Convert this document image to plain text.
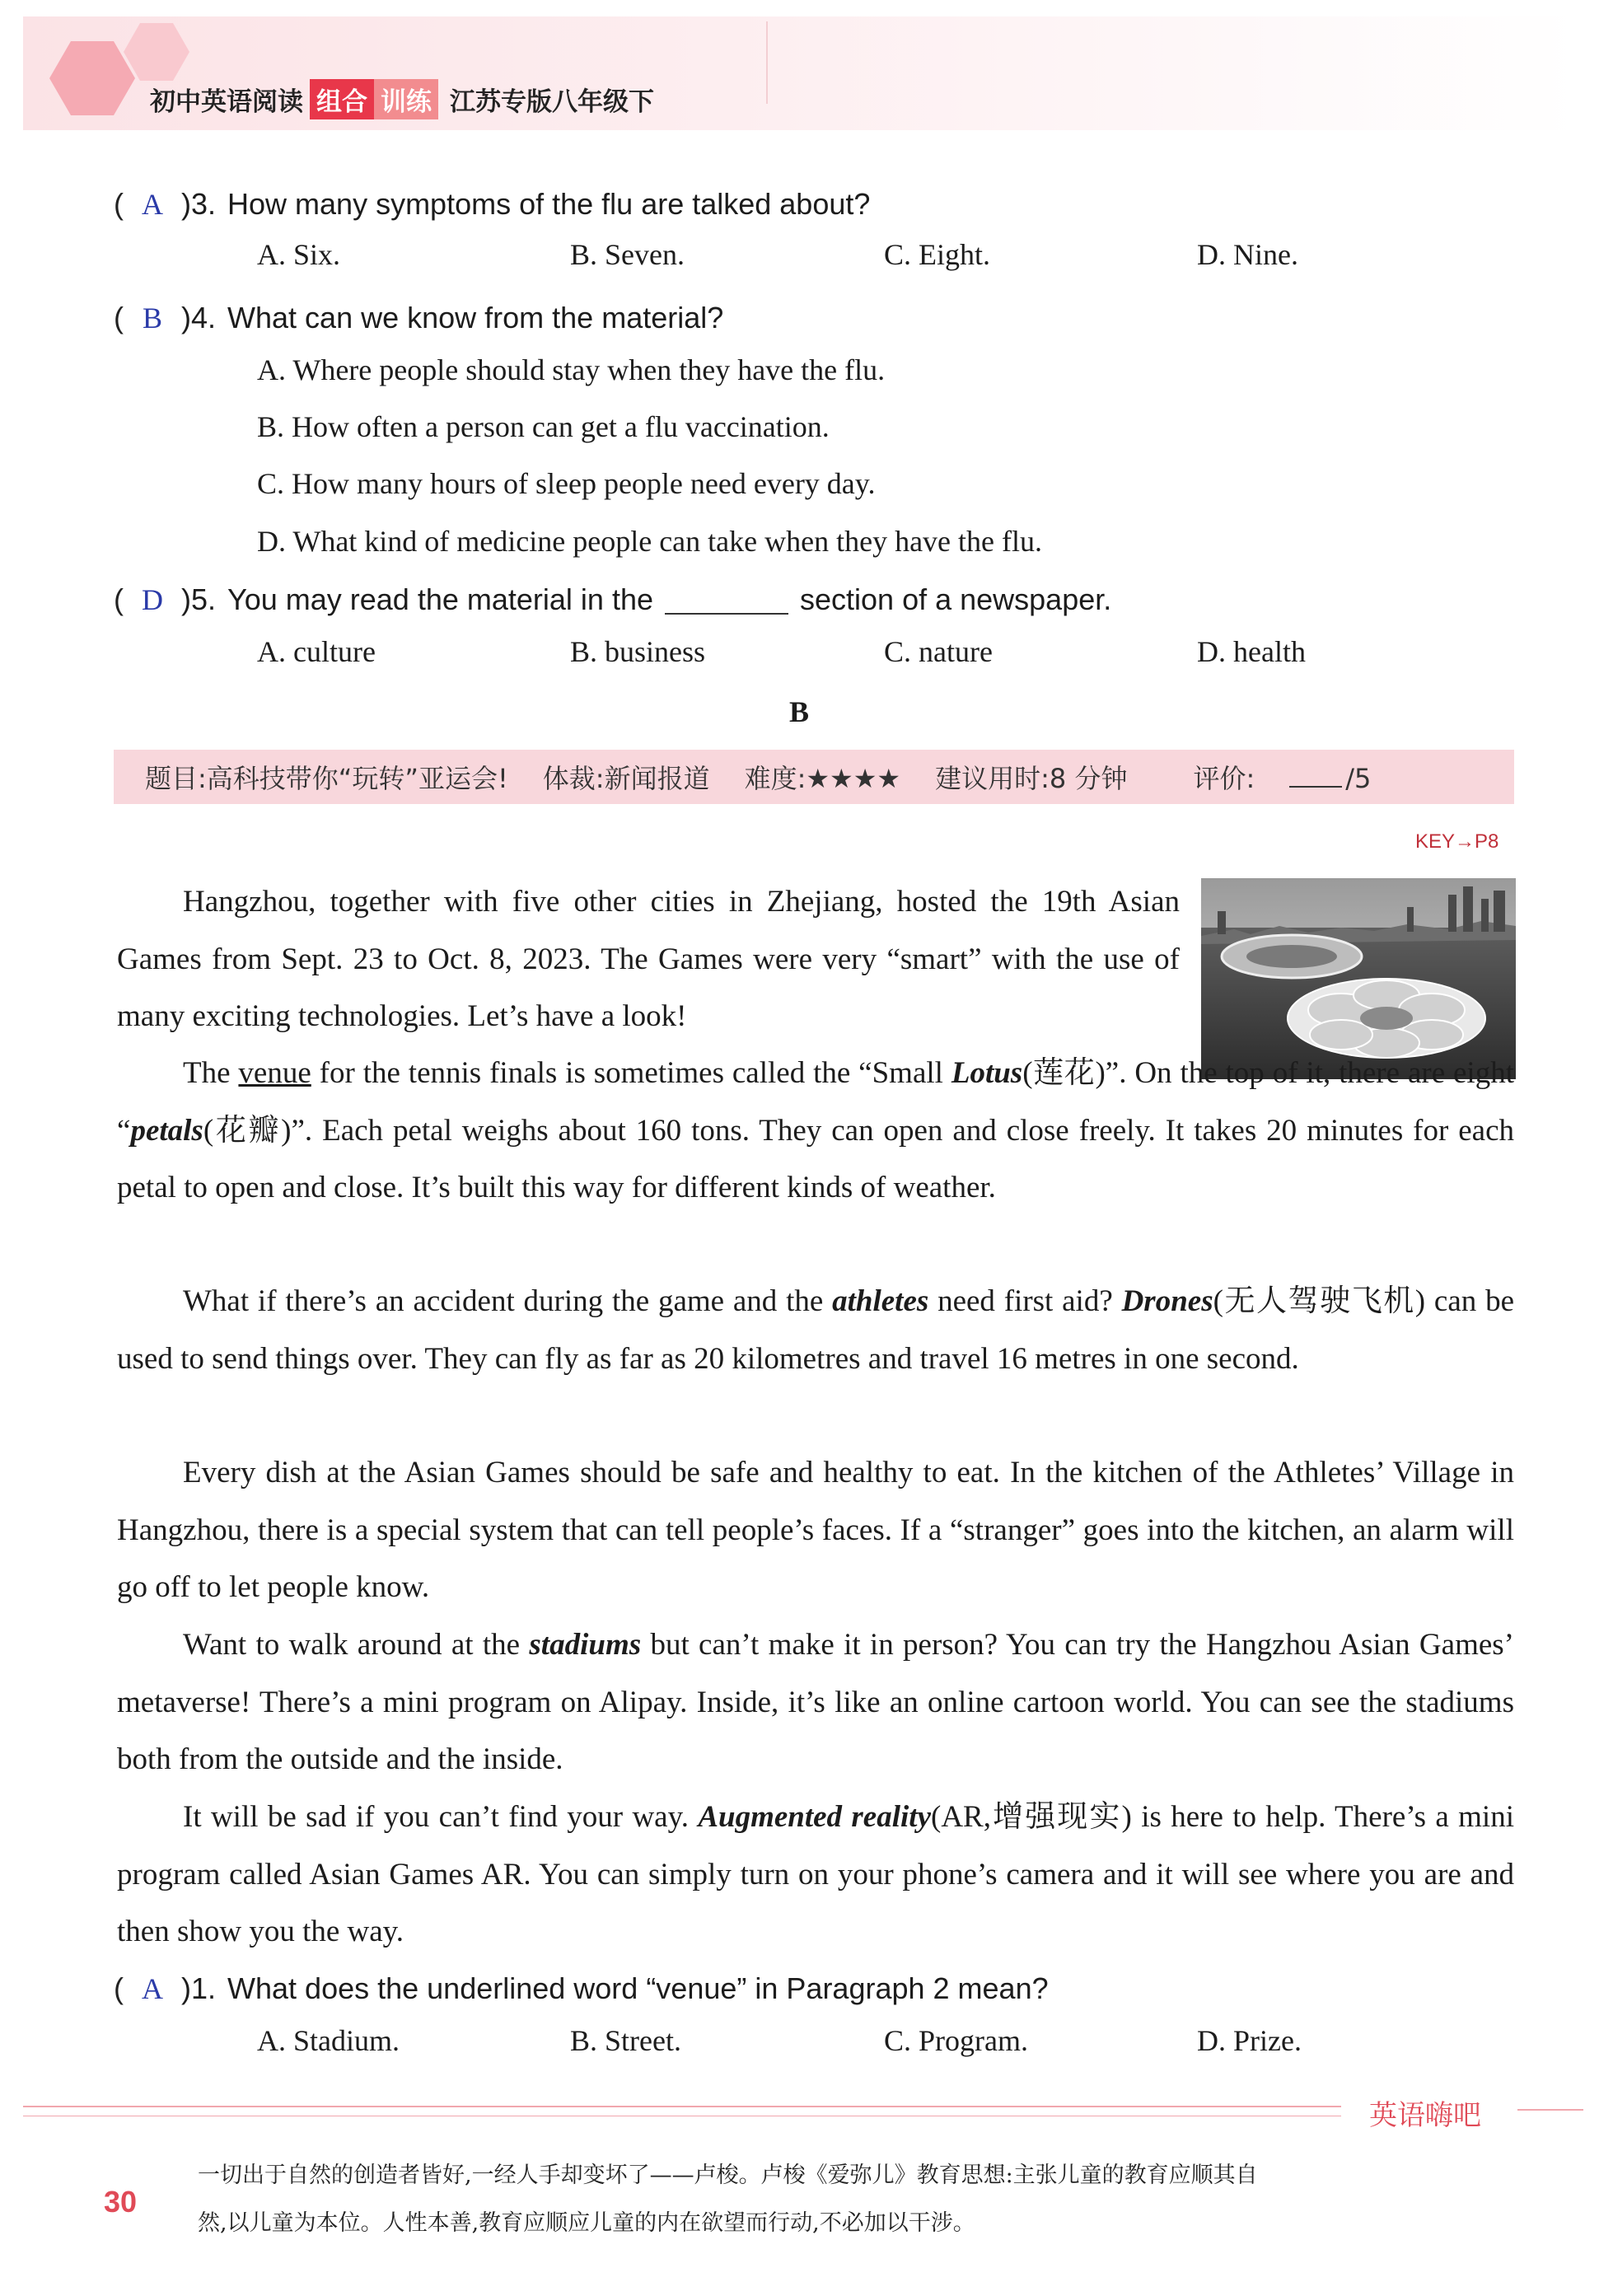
初中英语阅读 组合 训练 江苏专版八年级下
( A )3. How many symptoms of the flu are talked about?
A. Six.	B. Seven.	C. Eight.	D. Nine.
( B )4. What can we know from the material?
A. Where people should stay when they have the flu.
B. How often a person can get a flu vaccination.
C. How many hours of sleep people need every day.
D. What kind of medicine people can take when they have the flu.
( D )5. You may read the material in the	section of a newspaper.
A. culture	B. business	C. nature	D. health
B
题目:高科技带你“玩转”亚运会! 体裁:新闻报道 难度:★★★★ 建议用时:8 分钟	评价:	/5
KEY→P8

Hangzhou, together with five other cities in Zhejiang, hosted the 19th Asian Games from Sept. 23 to Oct. 8, 2023. The Games were very “smart” with the use of many exciting technologies. Let’s have a look!

The venue for the tennis finals is sometimes called the “Small Lotus(莲花)”. On the top of it, there are eight “petals(花瓣)”. Each petal weighs about 160 tons. They can open and close freely. It takes 20 minutes for each petal to open and close. It’s built this way for different kinds of weather.

What if there’s an accident during the game and the athletes need first aid? Drones(无人驾驶飞机) can be used to send things over. They can fly as far as 20 kilometres and travel 16 metres in one second.

Every dish at the Asian Games should be safe and healthy to eat. In the kitchen of the Athletes’ Village in Hangzhou, there is a special system that can tell people’s faces. If a “stranger” goes into the kitchen, an alarm will go off to let people know.

Want to walk around at the stadiums but can’t make it in person? You can try the Hangzhou Asian Games’ metaverse! There’s a mini program on Alipay. Inside, it’s like an online cartoon world. You can see the stadiums both from the outside and the inside.

It will be sad if you can’t find your way. Augmented reality(AR,增强现实) is here to help. There’s a mini program called Asian Games AR. You can simply turn on your phone’s camera and it will see where you are and then show you the way.

( A )1. What does the underlined word “venue” in Paragraph 2 mean?
A. Stadium.	B. Street.	C. Program.	D. Prize.
英语嗨吧
30
一切出于自然的创造者皆好,一经人手却变坏了——卢梭。卢梭《爱弥儿》教育思想:主张儿童的教育应顺其自
然,以儿童为本位。人性本善,教育应顺应儿童的内在欲望而行动,不必加以干涉。
